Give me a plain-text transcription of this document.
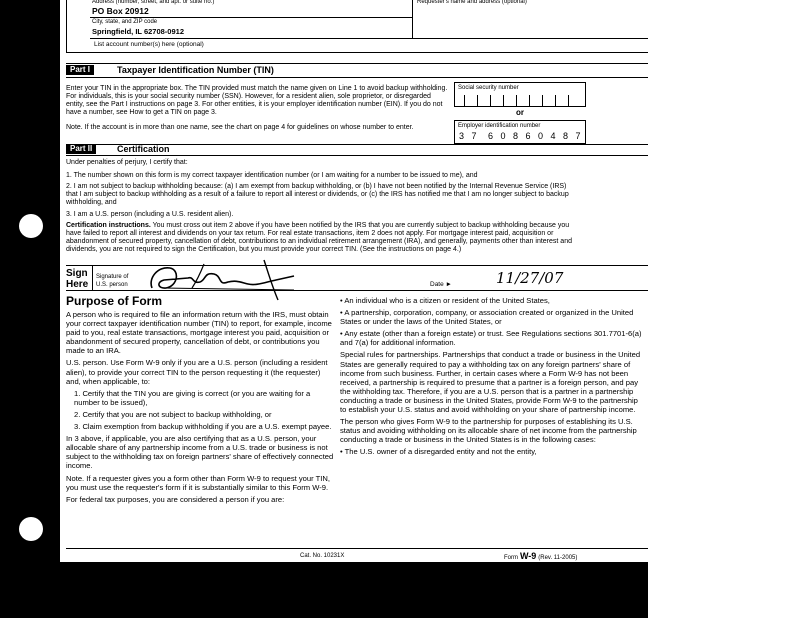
Address (number, street, and apt. or suite no.)	Requester's name and address (optional)
PO Box 20912
City, state, and ZIP code
Springfield, IL 62708-0912
List account number(s) here (optional)
Part I	Taxpayer Identification Number (TIN)
Enter your TIN in the appropriate box. The TIN provided must match the name given on Line 1 to avoid backup withholding. For individuals, this is your social security number (SSN). However, for a resident alien, sole proprietor, or disregarded entity, see the Part I instructions on page 3. For other entities, it is your employer identification number (EIN). If you do not have a number, see How to get a TIN on page 3.
Note. If the account is in more than one name, see the chart on page 4 for guidelines on whose number to enter.
Social security number
or
Employer identification number
3 7	6 0 8 6 0 4 8 7
Part II	Certification
Under penalties of perjury, I certify that:
1. The number shown on this form is my correct taxpayer identification number (or I am waiting for a number to be issued to me), and
2. I am not subject to backup withholding because: (a) I am exempt from backup withholding, or (b) I have not been notified by the Internal Revenue Service (IRS) that I am subject to backup withholding as a result of a failure to report all interest or dividends, or (c) the IRS has notified me that I am no longer subject to backup withholding, and
3. I am a U.S. person (including a U.S. resident alien).
Certification instructions. You must cross out item 2 above if you have been notified by the IRS that you are currently subject to backup withholding because you have failed to report all interest and dividends on your tax return. For real estate transactions, item 2 does not apply. For mortgage interest paid, acquisition or abandonment of secured property, cancellation of debt, contributions to an individual retirement arrangement (IRA), and generally, payments other than interest and dividends, you are not required to sign the Certification, but you must provide your correct TIN. (See the instructions on page 4.)
Sign
Here
Signature of
U.S. person	Date ►	11/27/07
Purpose of Form

A person who is required to file an information return with the IRS, must obtain your correct taxpayer identification number (TIN) to report, for example, income paid to you, real estate transactions, mortgage interest you paid, acquisition or abandonment of secured property, cancellation of debt, or contributions you made to an IRA.

U.S. person. Use Form W-9 only if you are a U.S. person (including a resident alien), to provide your correct TIN to the person requesting it (the requester) and, when applicable, to:

1. Certify that the TIN you are giving is correct (or you are waiting for a number to be issued),

2. Certify that you are not subject to backup withholding, or

3. Claim exemption from backup withholding if you are a U.S. exempt payee.

In 3 above, if applicable, you are also certifying that as a U.S. person, your allocable share of any partnership income from a U.S. trade or business is not subject to the withholding tax on foreign partners' share of effectively connected income.

Note. If a requester gives you a form other than Form W-9 to request your TIN, you must use the requester's form if it is substantially similar to this Form W-9.

For federal tax purposes, you are considered a person if you are:

• An individual who is a citizen or resident of the United States,

• A partnership, corporation, company, or association created or organized in the United States or under the laws of the United States, or

• Any estate (other than a foreign estate) or trust. See Regulations sections 301.7701-6(a) and 7(a) for additional information.

Special rules for partnerships. Partnerships that conduct a trade or business in the United States are generally required to pay a withholding tax on any foreign partners' share of income from such business. Further, in certain cases where a Form W-9 has not been received, a partnership is required to presume that a partner is a foreign person, and pay the withholding tax. Therefore, if you are a U.S. person that is a partner in a partnership conducting a trade or business in the United States, provide Form W-9 to the partnership to establish your U.S. status and avoid withholding on your share of partnership income.

The person who gives Form W-9 to the partnership for purposes of establishing its U.S. status and avoiding withholding on its allocable share of net income from the partnership conducting a trade or business in the United States is in the following cases:

• The U.S. owner of a disregarded entity and not the entity,

Cat. No. 10231X	Form W-9 (Rev. 11-2005)
